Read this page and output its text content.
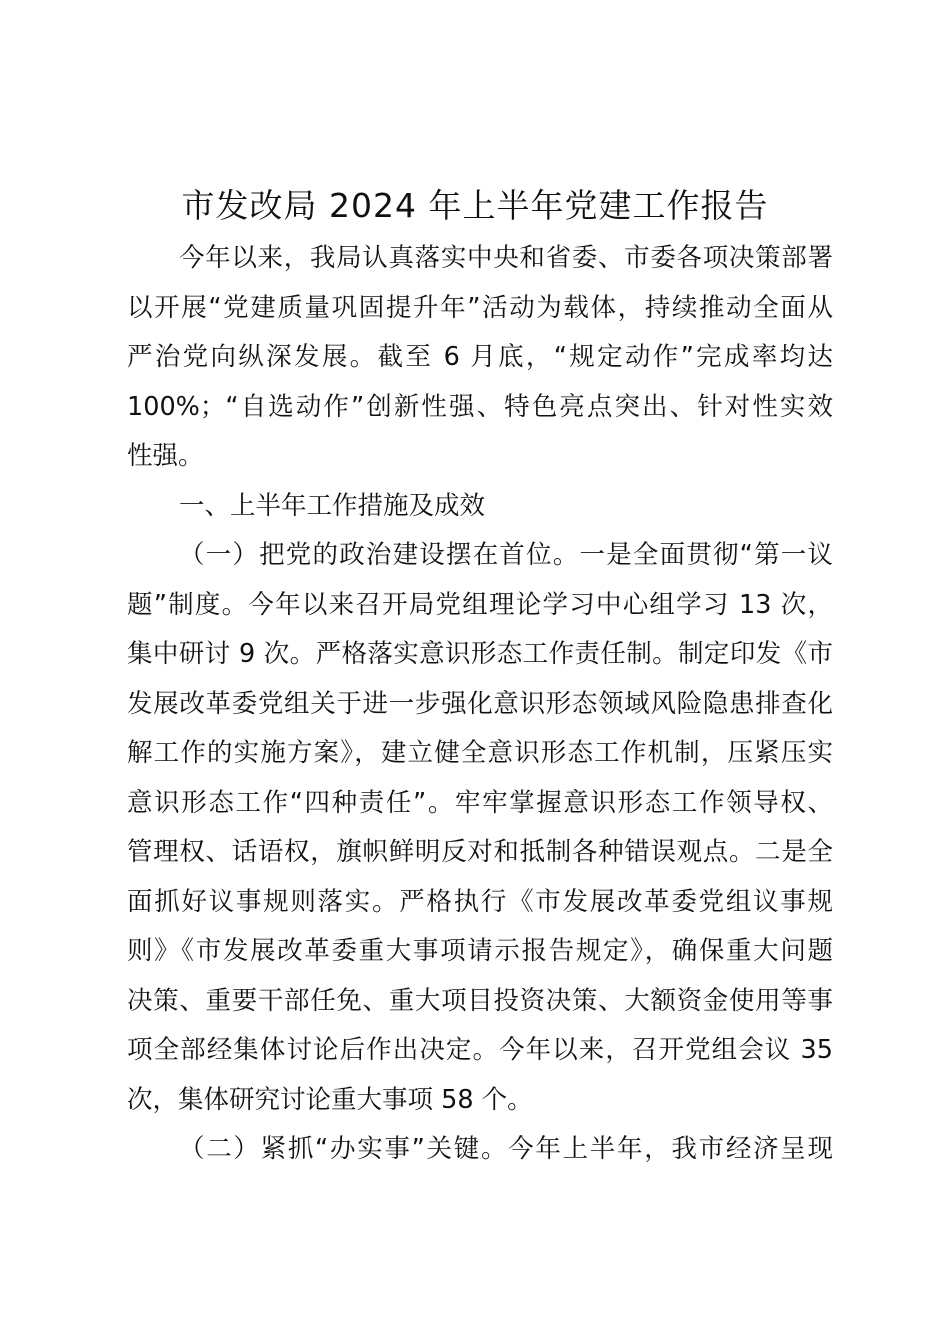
市发改局 2024 年上半年党建工作报告
今年以来，我局认真落实中央和省委、市委各项决策部署
以开展“党建质量巩固提升年”活动为载体，持续推动全面从
严治党向纵深发展。截至 6 月底，“规定动作”完成率均达
100%；“自选动作”创新性强、特色亮点突出、针对性实效
性强。
一、上半年工作措施及成效
（一）把党的政治建设摆在首位。一是全面贯彻“第一议
题”制度。今年以来召开局党组理论学习中心组学习 13 次，
集中研讨 9 次。严格落实意识形态工作责任制。制定印发《市
发展改革委党组关于进一步强化意识形态领域风险隐患排查化
解工作的实施方案》，建立健全意识形态工作机制，压紧压实
意识形态工作“四种责任”。牢牢掌握意识形态工作领导权、
管理权、话语权，旗帜鲜明反对和抵制各种错误观点。二是全
面抓好议事规则落实。严格执行《市发展改革委党组议事规
则》《市发展改革委重大事项请示报告规定》，确保重大问题
决策、重要干部任免、重大项目投资决策、大额资金使用等事
项全部经集体讨论后作出决定。今年以来，召开党组会议 35
次，集体研究讨论重大事项 58 个。
（二）紧抓“办实事”关键。今年上半年，我市经济呈现
